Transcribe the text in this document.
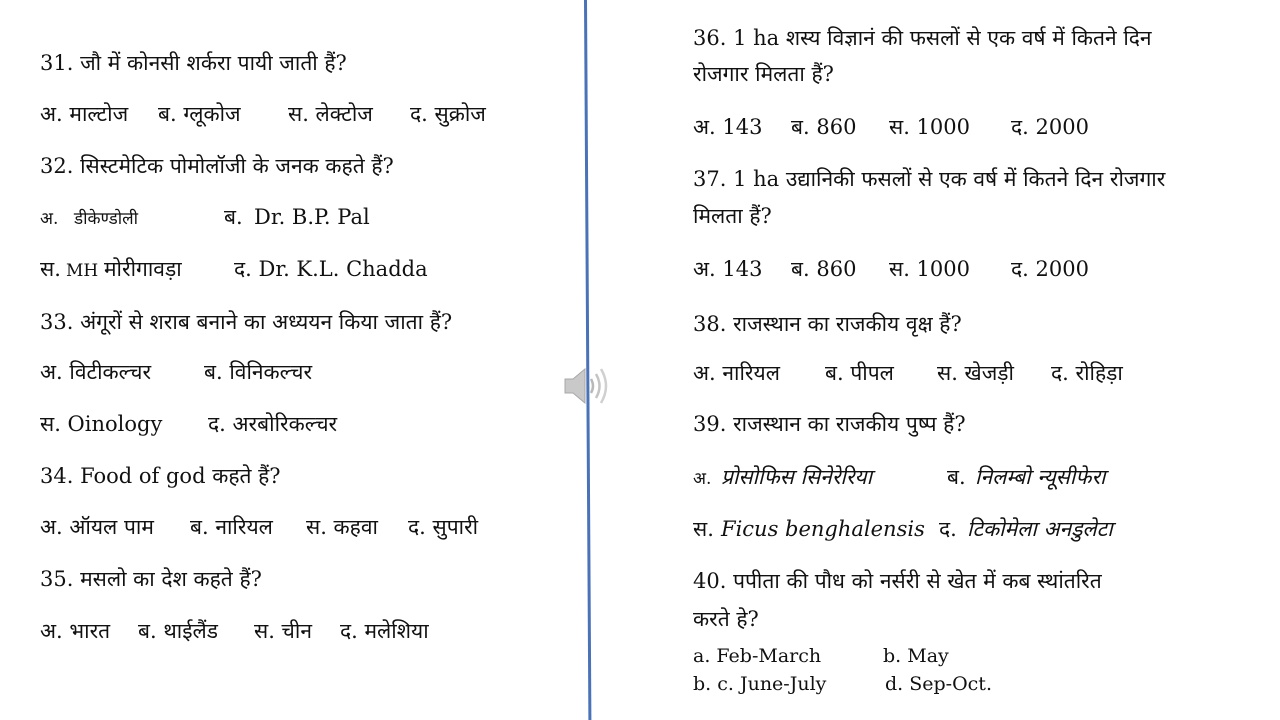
31. जौ में कोनसी शर्करा पायी जाती हैं?
अ. माल्टोज ब. ग्लूकोज स. लेक्टोज द. सुक्रोज
32. सिस्टमेटिक पोमोलॉजी के जनक कहते हैं?
अ. डीकेण्डोली	ब. Dr. B.P. Pal
स. MH मोरीगावड़ा द. Dr. K.L. Chadda
33. अंगूरों से शराब बनाने का अध्ययन किया जाता हैं?
अ. विटीकल्चर	ब. विनिकल्चर
स. Oinology द. अरबोरिकल्चर
34. Food of god कहते हैं?
अ. ऑयल पाम ब. नारियल स. कहवा द. सुपारी
35. मसलो का देश कहते हैं?
अ. भारत ब. थाईलैंड स. चीन द. मलेशिया
36. 1 ha शस्य विज्ञानं की फसलों से एक वर्ष में कितने दिन
रोजगार मिलता हैं?
अ. 143 ब. 860 स. 1000 द. 2000
37. 1 ha उद्यानिकी फसलों से एक वर्ष में कितने दिन रोजगार
मिलता हैं?
अ. 143 ब. 860 स. 1000 द. 2000
38. राजस्थान का राजकीय वृक्ष हैं?
अ. नारियल ब. पीपल स. खेजड़ी द. रोहिड़ा
39. राजस्थान का राजकीय पुष्प हैं?
अ. प्रोसोफिस सिनेरेरिया	ब. निलम्बो न्यूसीफेरा
स. Ficus benghalensis द. टिकोमेला अनडुलेटा
40. पपीता की पौध को नर्सरी से खेत में कब स्थांतरित
करते हे?
a. Feb-March	b. May
b. c. June-July	d. Sep-Oct.
